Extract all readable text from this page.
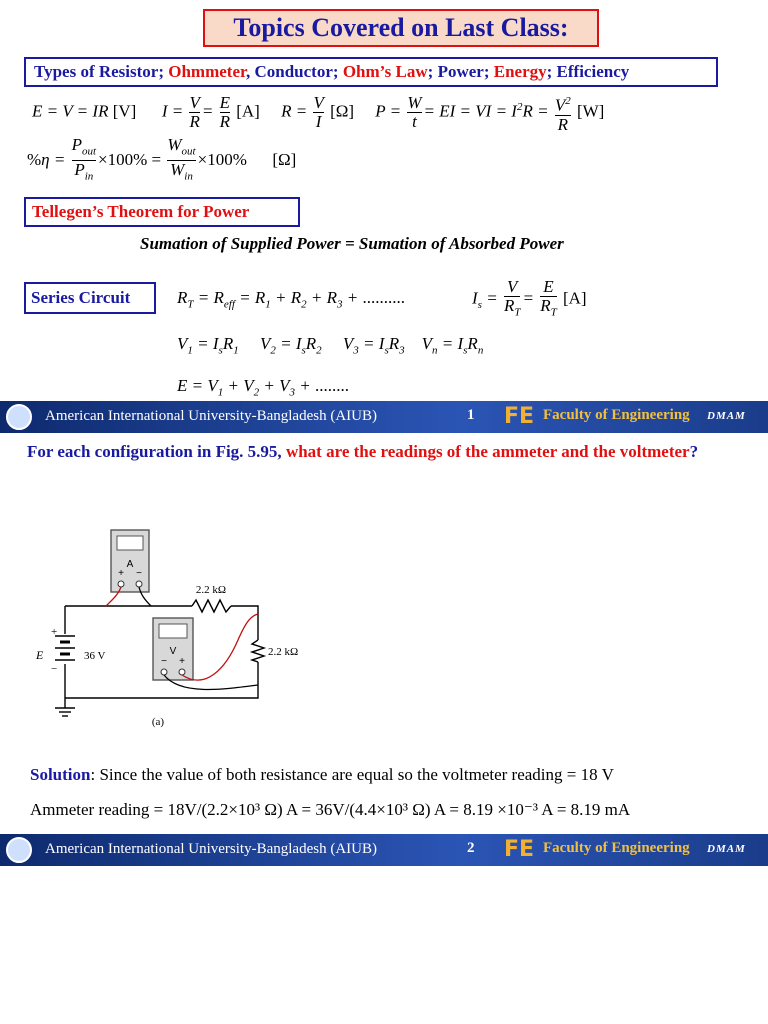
Topics Covered on Last Class:
Types of Resistor; Ohmmeter, Conductor; Ohm’s Law; Power; Energy; Efficiency
E = V = IR [V]      $I = \frac{V}{R} = \frac{E}{R} [A]$     $R = \frac{V}{I} [\Omega]$     $P = \frac{W}{t}$ = EI = VI = $I^2R = \frac{V^2}{R} [W]$
$\%\eta = \frac{P_{out}}{P_{in}} \times 100\% = \frac{W_{out}}{W_{in}} \times 100\%$ [Ω]
Tellegen’s Theorem for Power
Sumation of Supplied Power = Sumation of Absorbed Power
Series Circuit	$R_T = R_{eff} = R_1 + R_2 + R_3$ + ..........	$I_s = \frac{V}{R_T} = \frac{E}{R_T} [A]$
$V_1 = I_sR_1$     $V_2 = I_sR_2$     $V_3 = I_sR_3$    $V_n = I_sR_n$
$E = V_1 + V_2 + V_3$ + ........
American International University-Bangladesh (AIUB)	1 FE Faculty of Engineering DMAM
For each configuration in Fig. 5.95, what are the readings of the ammeter and the voltmeter?
A
+ −
V
− +
2.2 kΩ
2.2 kΩ
E	36 V
+
−
(a)
Solution: Since the value of both resistance are equal so the voltmeter reading = 18 V
Ammeter reading = 18V/(2.2×10³ Ω) A = 36V/(4.4×10³ Ω) A = 8.19 ×10⁻³ A = 8.19 mA
American International University-Bangladesh (AIUB)	2 FE Faculty of Engineering DMAM
